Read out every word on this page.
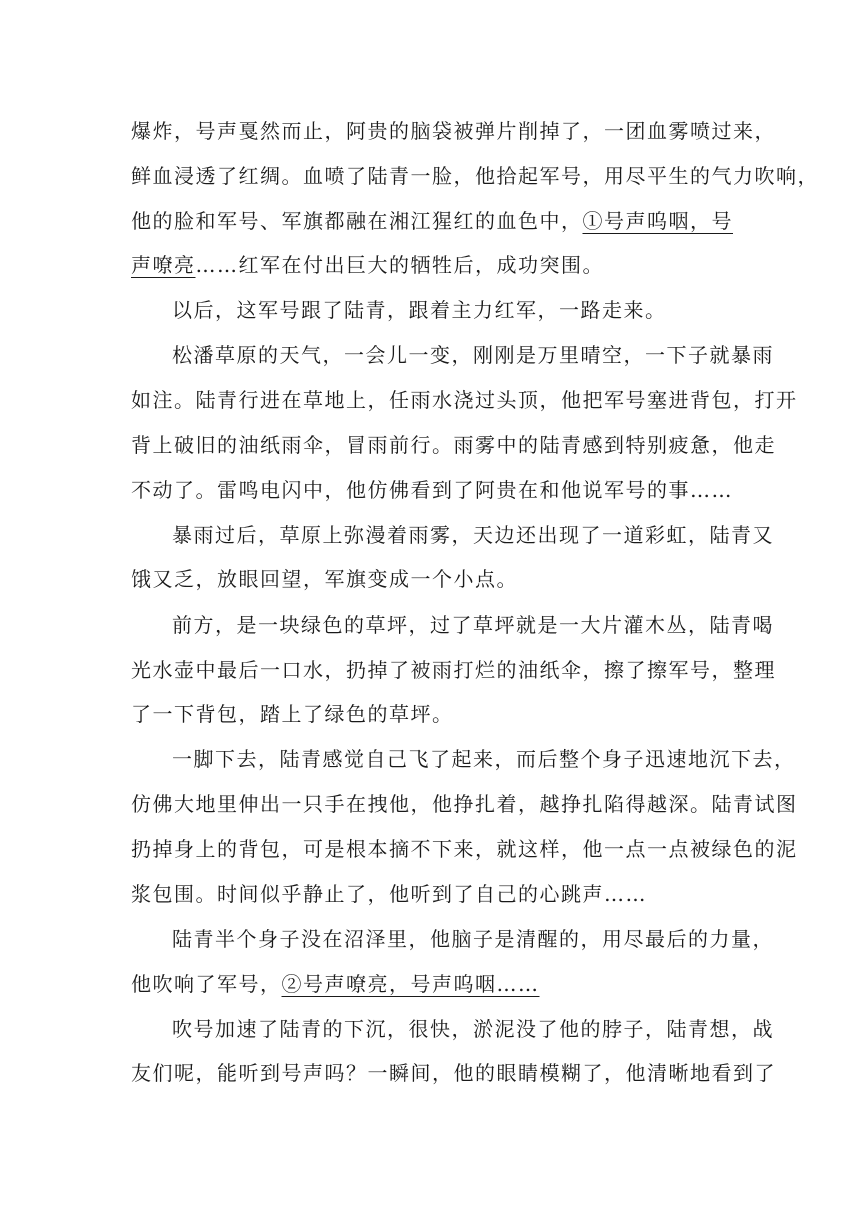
爆炸，号声戛然而止，阿贵的脑袋被弹片削掉了，一团血雾喷过来，
鲜血浸透了红绸。血喷了陆青一脸，他拾起军号，用尽平生的气力吹响，
他的脸和军号、军旗都融在湘江猩红的血色中，①号声呜咽，号
声嘹亮……红军在付出巨大的牺牲后，成功突围。
以后，这军号跟了陆青，跟着主力红军，一路走来。
松潘草原的天气，一会儿一变，刚刚是万里晴空，一下子就暴雨
如注。陆青行进在草地上，任雨水浇过头顶，他把军号塞进背包，打开
背上破旧的油纸雨伞，冒雨前行。雨雾中的陆青感到特别疲惫，他走
不动了。雷鸣电闪中，他仿佛看到了阿贵在和他说军号的事……
暴雨过后，草原上弥漫着雨雾，天边还出现了一道彩虹，陆青又
饿又乏，放眼回望，军旗变成一个小点。
前方，是一块绿色的草坪，过了草坪就是一大片灌木丛，陆青喝
光水壶中最后一口水，扔掉了被雨打烂的油纸伞，擦了擦军号，整理
了一下背包，踏上了绿色的草坪。
一脚下去，陆青感觉自己飞了起来，而后整个身子迅速地沉下去，
仿佛大地里伸出一只手在拽他，他挣扎着，越挣扎陷得越深。陆青试图
扔掉身上的背包，可是根本摘不下来，就这样，他一点一点被绿色的泥
浆包围。时间似乎静止了，他听到了自己的心跳声……
陆青半个身子没在沼泽里，他脑子是清醒的，用尽最后的力量，
他吹响了军号，②号声嘹亮，号声呜咽……
吹号加速了陆青的下沉，很快，淤泥没了他的脖子，陆青想，战
友们呢，能听到号声吗？一瞬间，他的眼睛模糊了，他清晰地看到了
